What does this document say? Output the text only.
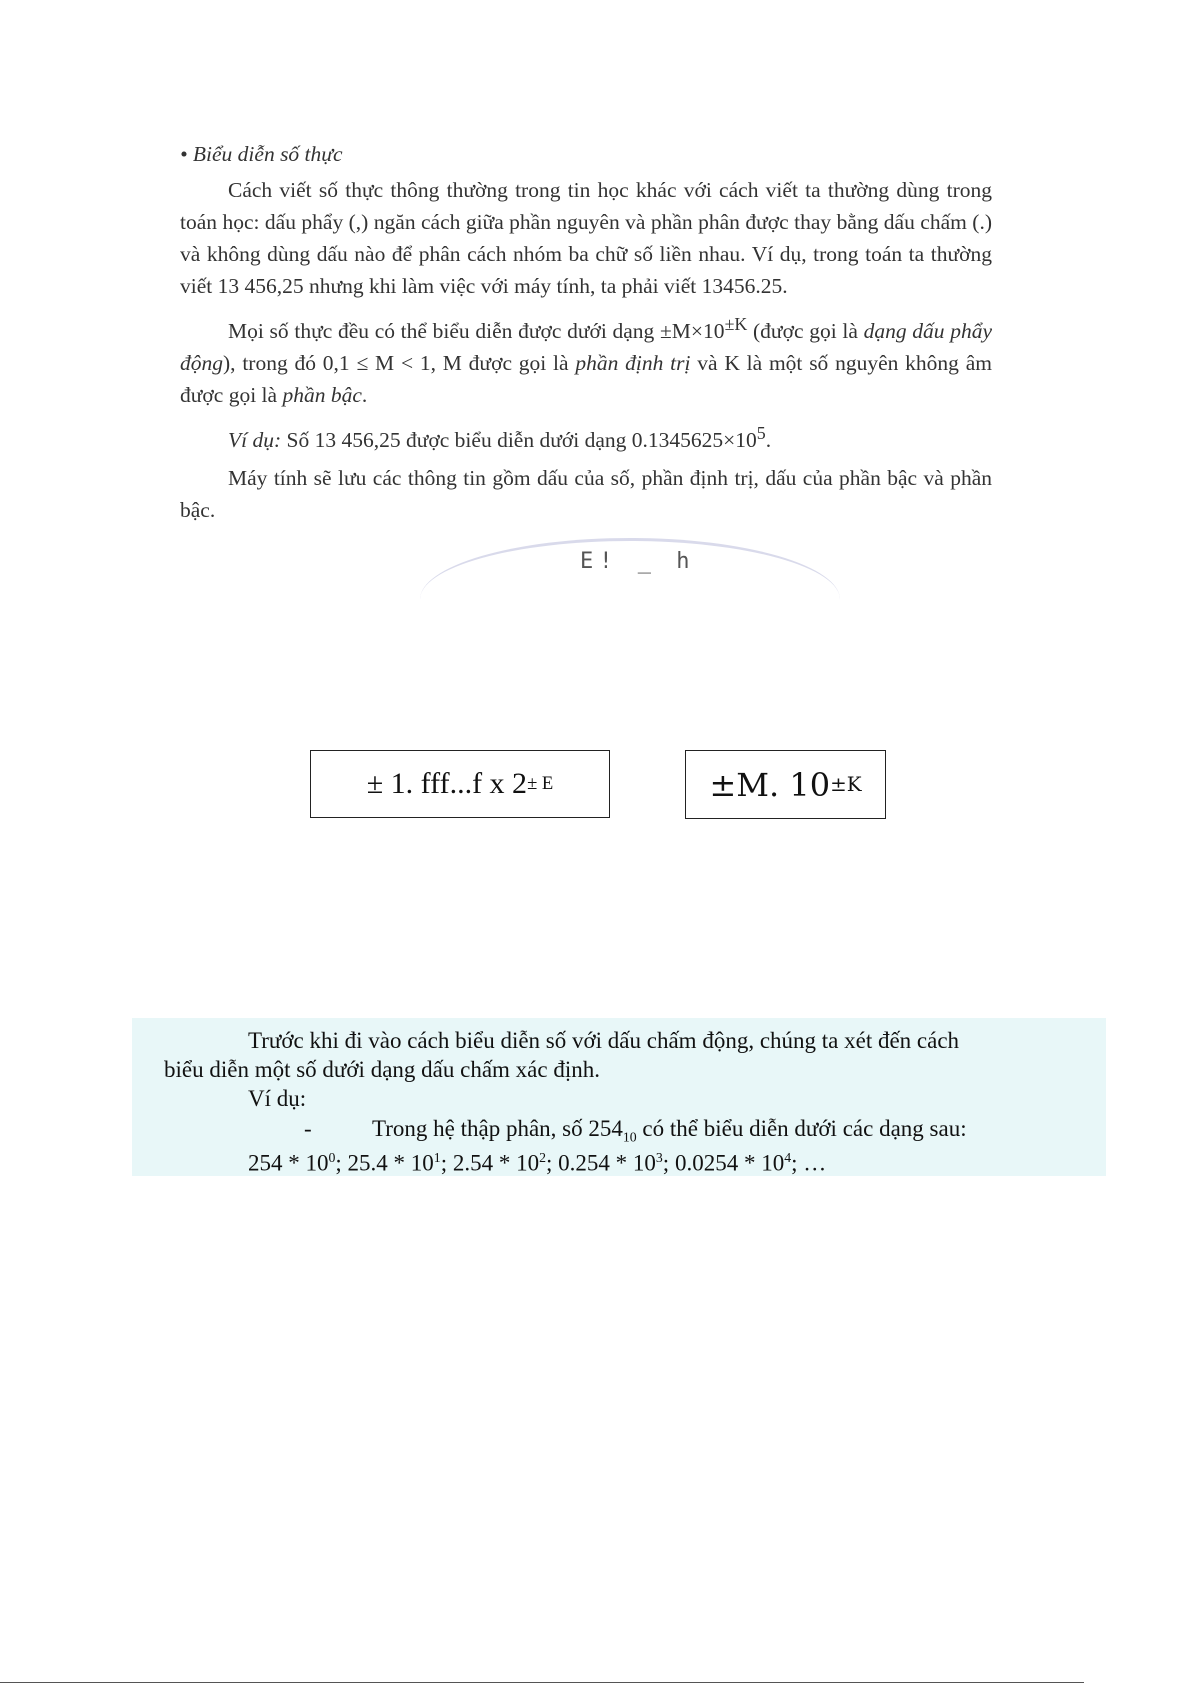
• Biểu diễn số thực

Cách viết số thực thông thường trong tin học khác với cách viết ta thường dùng trong toán học: dấu phẩy (,) ngăn cách giữa phần nguyên và phần phân được thay bằng dấu chấm (.) và không dùng dấu nào để phân cách nhóm ba chữ số liền nhau. Ví dụ, trong toán ta thường viết 13 456,25 nhưng khi làm việc với máy tính, ta phải viết 13456.25.

Mọi số thực đều có thể biểu diễn được dưới dạng $\pm M\times 10^{\pm K}$ (được gọi là dạng dấu phẩy động), trong đó 0,1 ≤ M < 1, M được gọi là phần định trị và K là một số nguyên không âm được gọi là phần bậc.

Ví dụ: Số 13 456,25 được biểu diễn dưới dạng $0.1345625\times 10^5$.

Máy tính sẽ lưu các thông tin gồm dấu của số, phần định trị, dấu của phần bậc và phần bậc.

E! _ h
± 1. fff...f x 2 ± E	±M. 10 ±K
Trước khi đi vào cách biểu diễn số với dấu chấm động, chúng ta xét đến cách
biểu diễn một số dưới dạng dấu chấm xác định.
Ví dụ:
-	Trong hệ thập phân, số $254_{10}$ có thể biểu diễn dưới các dạng sau:
$254 * 10^0$; $25.4 * 10^1$; $2.54 * 10^2$; $0.254 * 10^3$; $0.0254 * 10^4$; …
